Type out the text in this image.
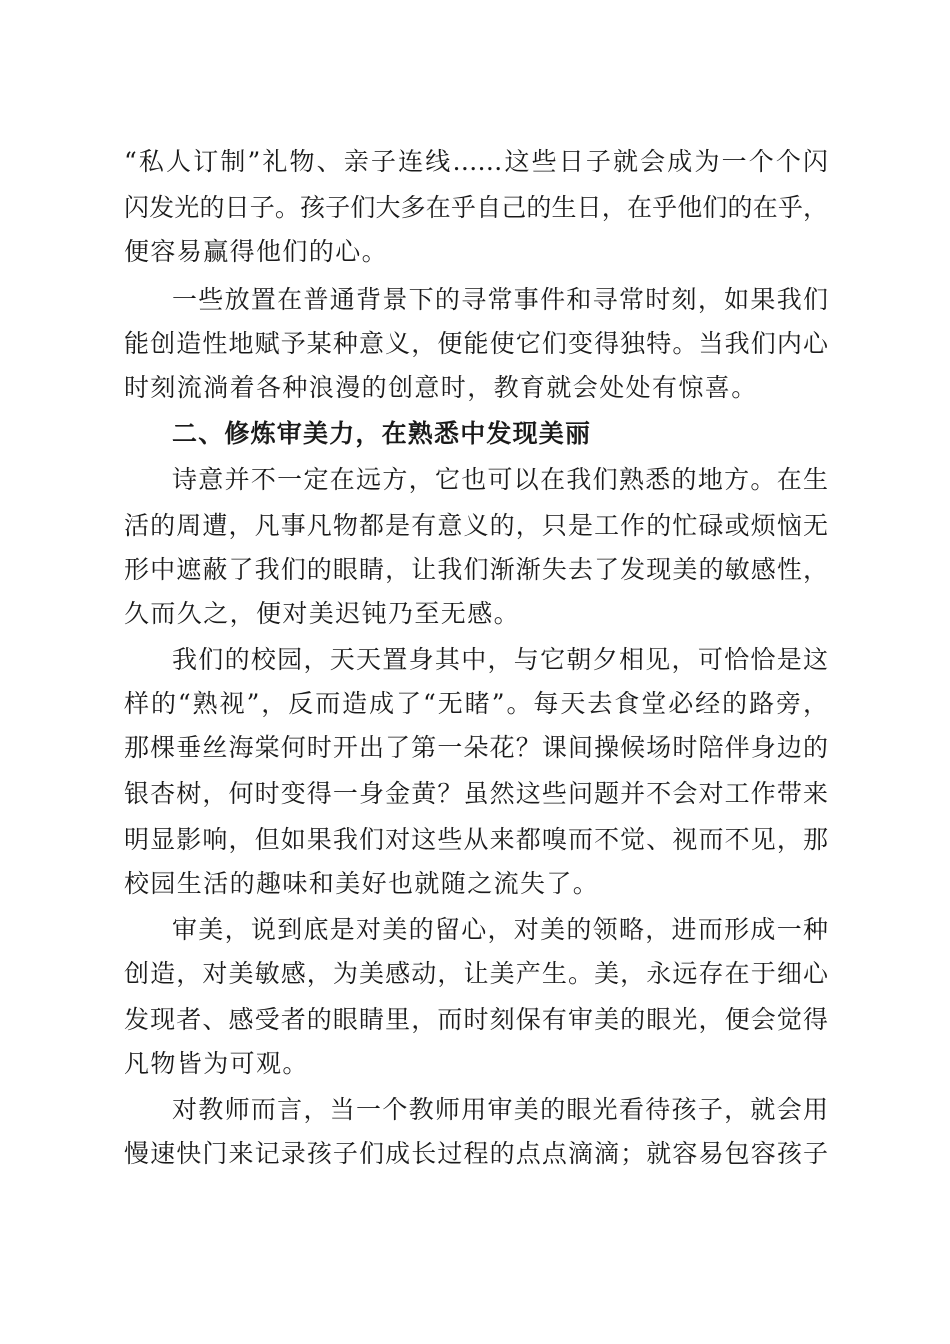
“私人订制”礼物、亲子连线……这些日子就会成为一个个闪
闪发光的日子。孩子们大多在乎自己的生日，在乎他们的在乎，
便容易赢得他们的心。
一些放置在普通背景下的寻常事件和寻常时刻，如果我们
能创造性地赋予某种意义，便能使它们变得独特。当我们内心
时刻流淌着各种浪漫的创意时，教育就会处处有惊喜。
二、修炼审美力，在熟悉中发现美丽
诗意并不一定在远方，它也可以在我们熟悉的地方。在生
活的周遭，凡事凡物都是有意义的，只是工作的忙碌或烦恼无
形中遮蔽了我们的眼睛，让我们渐渐失去了发现美的敏感性，
久而久之，便对美迟钝乃至无感。
我们的校园，天天置身其中，与它朝夕相见，可恰恰是这
样的“熟视”，反而造成了“无睹”。每天去食堂必经的路旁，
那棵垂丝海棠何时开出了第一朵花？课间操候场时陪伴身边的
银杏树，何时变得一身金黄？虽然这些问题并不会对工作带来
明显影响，但如果我们对这些从来都嗅而不觉、视而不见，那
校园生活的趣味和美好也就随之流失了。
审美，说到底是对美的留心，对美的领略，进而形成一种
创造，对美敏感，为美感动，让美产生。美，永远存在于细心
发现者、感受者的眼睛里，而时刻保有审美的眼光，便会觉得
凡物皆为可观。
对教师而言，当一个教师用审美的眼光看待孩子，就会用
慢速快门来记录孩子们成长过程的点点滴滴；就容易包容孩子
